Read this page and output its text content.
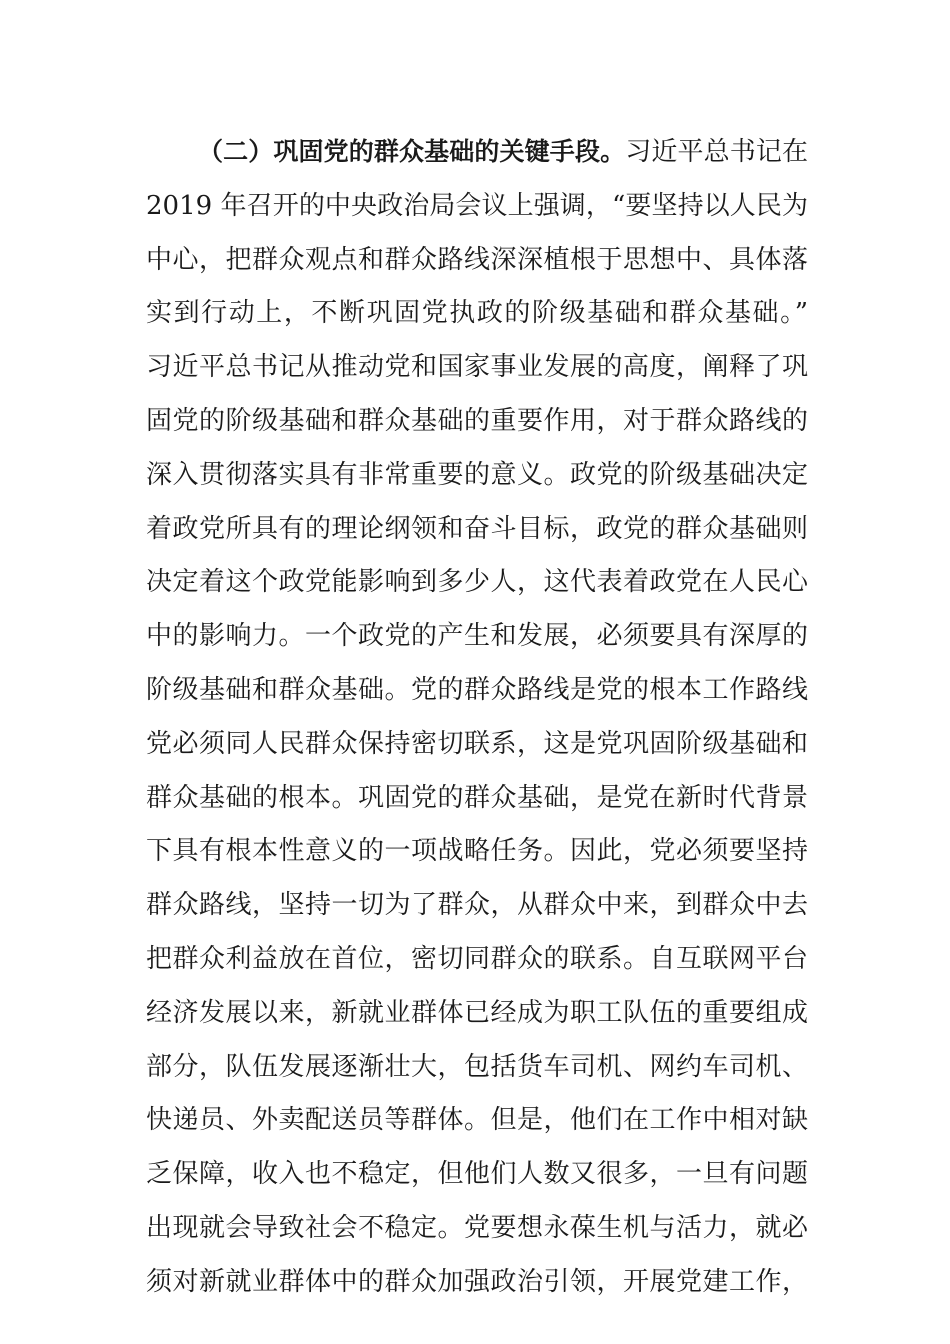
（二）巩固党的群众基础的关键手段。习近平总书记在
2019 年召开的中央政治局会议上强调，“要坚持以人民为
中心，把群众观点和群众路线深深植根于思想中、具体落
实到行动上，不断巩固党执政的阶级基础和群众基础。”
习近平总书记从推动党和国家事业发展的高度，阐释了巩
固党的阶级基础和群众基础的重要作用，对于群众路线的
深入贯彻落实具有非常重要的意义。政党的阶级基础决定
着政党所具有的理论纲领和奋斗目标，政党的群众基础则
决定着这个政党能影响到多少人，这代表着政党在人民心
中的影响力。一个政党的产生和发展，必须要具有深厚的
阶级基础和群众基础。党的群众路线是党的根本工作路线
党必须同人民群众保持密切联系，这是党巩固阶级基础和
群众基础的根本。巩固党的群众基础，是党在新时代背景
下具有根本性意义的一项战略任务。因此，党必须要坚持
群众路线，坚持一切为了群众，从群众中来，到群众中去
把群众利益放在首位，密切同群众的联系。自互联网平台
经济发展以来，新就业群体已经成为职工队伍的重要组成
部分，队伍发展逐渐壮大，包括货车司机、网约车司机、
快递员、外卖配送员等群体。但是，他们在工作中相对缺
乏保障，收入也不稳定，但他们人数又很多，一旦有问题
出现就会导致社会不稳定。党要想永葆生机与活力，就必
须对新就业群体中的群众加强政治引领，开展党建工作，
